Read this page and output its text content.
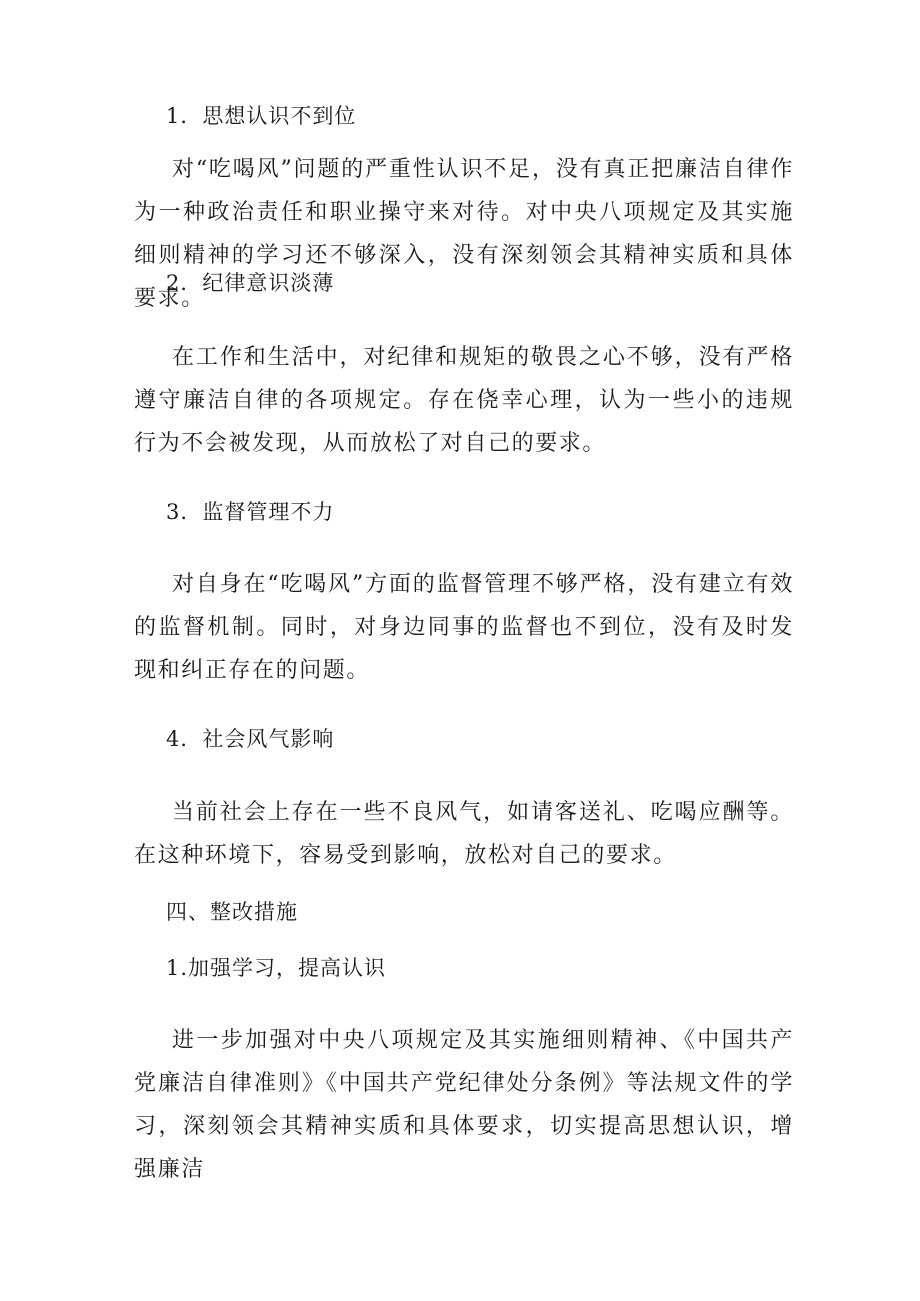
1．思想认识不到位

对“吃喝风”问题的严重性认识不足，没有真正把廉洁自律作为一种政治责任和职业操守来对待。对中央八项规定及其实施细则精神的学习还不够深入，没有深刻领会其精神实质和具体要求。

2．纪律意识淡薄

在工作和生活中，对纪律和规矩的敬畏之心不够，没有严格遵守廉洁自律的各项规定。存在侥幸心理，认为一些小的违规行为不会被发现，从而放松了对自己的要求。

3．监督管理不力

对自身在“吃喝风”方面的监督管理不够严格，没有建立有效的监督机制。同时，对身边同事的监督也不到位，没有及时发现和纠正存在的问题。

4．社会风气影响

当前社会上存在一些不良风气，如请客送礼、吃喝应酬等。在这种环境下，容易受到影响，放松对自己的要求。

四、整改措施
1.加强学习，提高认识

进一步加强对中央八项规定及其实施细则精神、《中国共产党廉洁自律准则》《中国共产党纪律处分条例》等法规文件的学习，深刻领会其精神实质和具体要求，切实提高思想认识，增强廉洁
